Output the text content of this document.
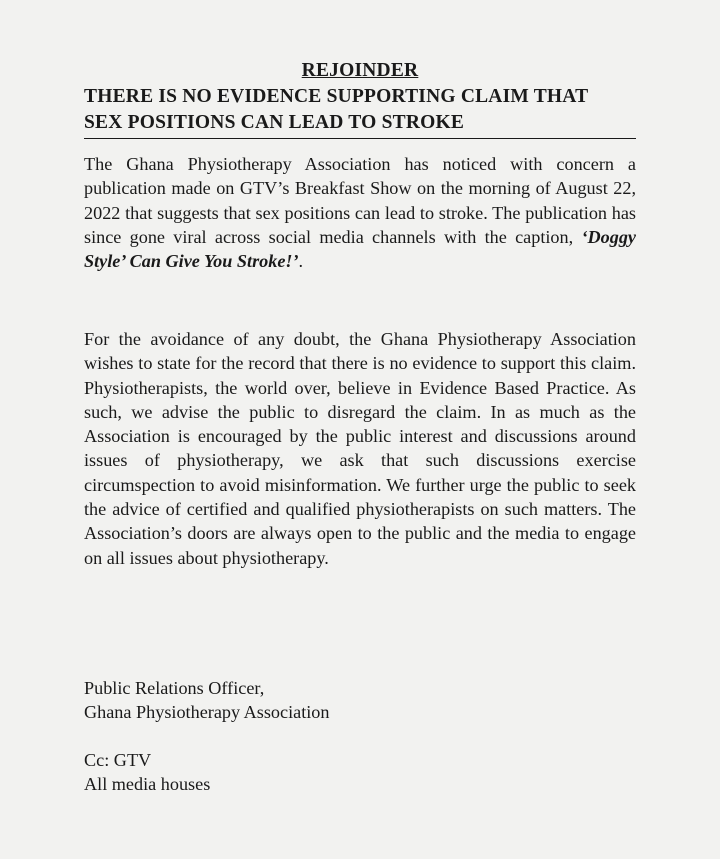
REJOINDER
THERE IS NO EVIDENCE SUPPORTING CLAIM THAT
SEX POSITIONS CAN LEAD TO STROKE

The Ghana Physiotherapy Association has noticed with concern a publication made on GTV’s Breakfast Show on the morning of August 22, 2022 that suggests that sex positions can lead to stroke. The publication has since gone viral across social media channels with the caption, ‘Doggy Style’ Can Give You Stroke!’.

For the avoidance of any doubt, the Ghana Physiotherapy Association wishes to state for the record that there is no evidence to support this claim. Physiotherapists, the world over, believe in Evidence Based Practice. As such, we advise the public to disregard the claim. In as much as the Association is encouraged by the public interest and discussions around issues of physiotherapy, we ask that such discussions exercise circumspection to avoid misinformation. We further urge the public to seek the advice of certified and qualified physiotherapists on such matters. The Association’s doors are always open to the public and the media to engage on all issues about physiotherapy.

Public Relations Officer,
Ghana Physiotherapy Association
Cc: GTV
All media houses
